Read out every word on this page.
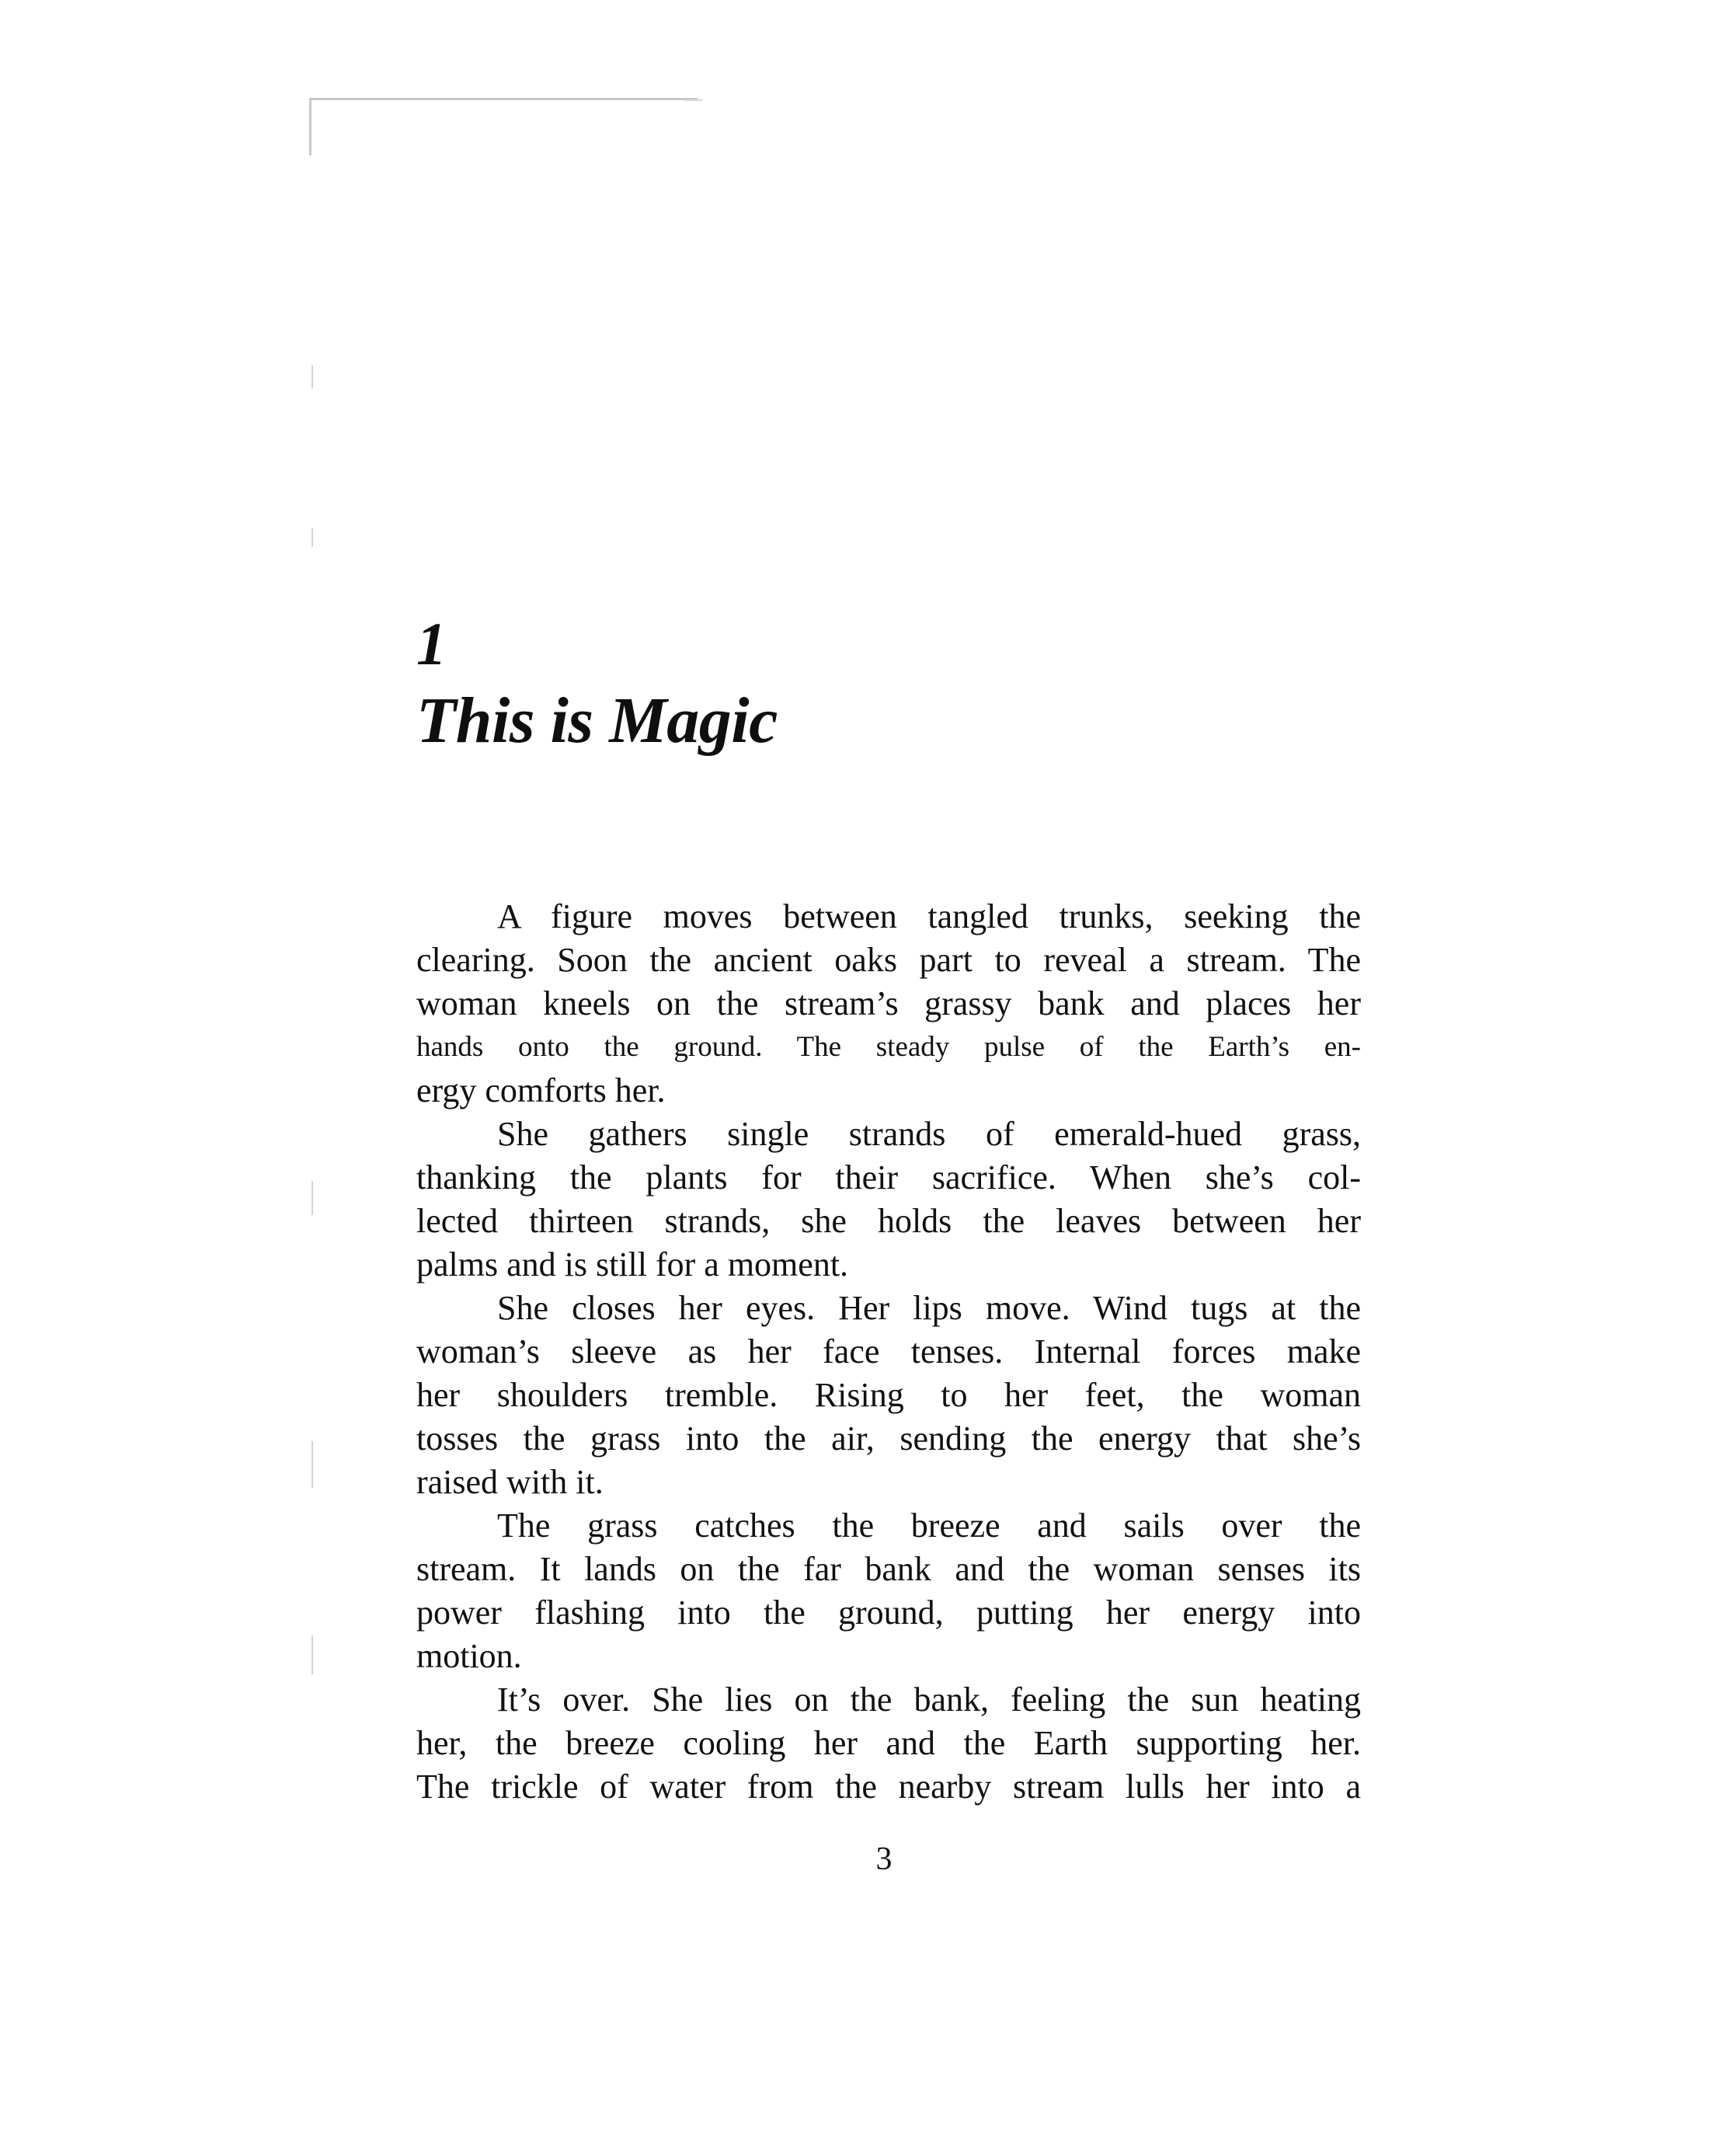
1
This is Magic
A figure moves between tangled trunks, seeking the
clearing. Soon the ancient oaks part to reveal a stream. The
woman kneels on the stream’s grassy bank and places her
hands onto the ground. The steady pulse of the Earth’s en-
ergy comforts her.
She gathers single strands of emerald-hued grass,
thanking the plants for their sacrifice. When she’s col-
lected thirteen strands, she holds the leaves between her
palms and is still for a moment.
She closes her eyes. Her lips move. Wind tugs at the
woman’s sleeve as her face tenses. Internal forces make
her shoulders tremble. Rising to her feet, the woman
tosses the grass into the air, sending the energy that she’s
raised with it.
The grass catches the breeze and sails over the
stream. It lands on the far bank and the woman senses its
power flashing into the ground, putting her energy into
motion.
It’s over. She lies on the bank, feeling the sun heating
her, the breeze cooling her and the Earth supporting her.
The trickle of water from the nearby stream lulls her into a
3
